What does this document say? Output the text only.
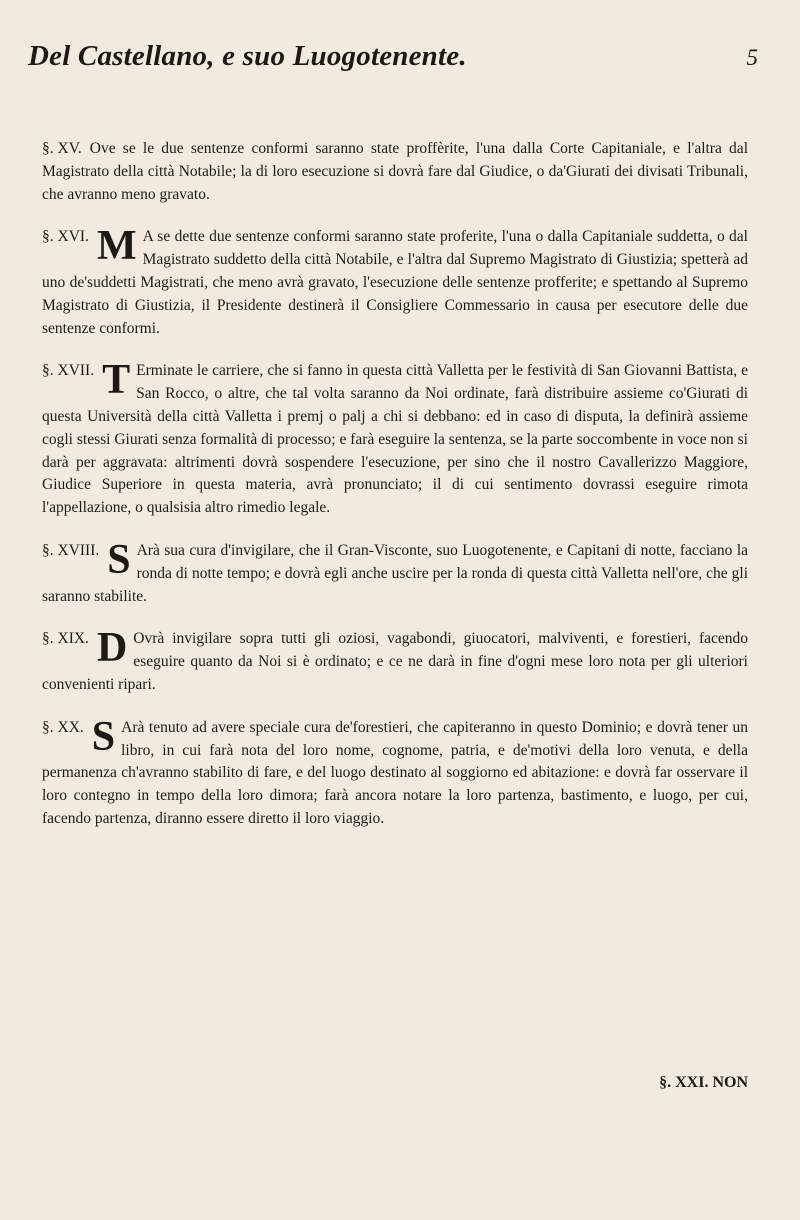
Del Castellano, e suo Luogotenente.	5

§. XV. Ove se le due sentenze conformi saranno state proffèrite, l'una dalla Corte Capitaniale, e l'altra dal Magistrato della città Notabile; la di loro esecuzione si dovrà fare dal Giudice, o da'Giurati dei divisati Tribunali, che avranno meno gravato.

§. XVI. M A se dette due sentenze conformi saranno state proferite, l'una o dalla Capitaniale suddetta, o dal Magistrato suddetto della città Notabile, e l'altra dal Supremo Magistrato di Giustizia; spetterà ad uno de'suddetti Magistrati, che meno avrà gravato, l'esecuzione delle sentenze profferite; e spettando al Supremo Magistrato di Giustizia, il Presidente destinerà il Consigliere Commessario in causa per esecutore delle due sentenze conformi.

§. XVII. T Erminate le carriere, che si fanno in questa città Valletta per le festività di San Giovanni Battista, e San Rocco, o altre, che tal volta saranno da Noi ordinate, farà distribuire assieme co'Giurati di questa Università della città Valletta i premj o palj a chi si debbano: ed in caso di disputa, la definirà assieme cogli stessi Giurati senza formalità di processo; e farà eseguire la sentenza, se la parte soccombente in voce non si darà per aggravata: altrimenti dovrà sospendere l'esecuzione, per sino che il nostro Cavallerizzo Maggiore, Giudice Superiore in questa materia, avrà pronunciato; il di cui sentimento dovrassi eseguire rimota l'appellazione, o qualsisia altro rimedio legale.

§. XVIII. S Arà sua cura d'invigilare, che il Gran-Visconte, suo Luogotenente, e Capitani di notte, facciano la ronda di notte tempo; e dovrà egli anche uscire per la ronda di questa città Valletta nell'ore, che gli saranno stabilite.

§. XIX. D Ovrà invigilare sopra tutti gli oziosi, vagabondi, giuocatori, malviventi, e forestieri, facendo eseguire quanto da Noi si è ordinato; e ce ne darà in fine d'ogni mese loro nota per gli ulteriori convenienti ripari.

§. XX. S Arà tenuto ad avere speciale cura de'forestieri, che capiteranno in questo Dominio; e dovrà tener un libro, in cui farà nota del loro nome, cognome, patria, e de'motivi della loro venuta, e della permanenza ch'avranno stabilito di fare, e del luogo destinato al soggiorno ed abitazione: e dovrà far osservare il loro contegno in tempo della loro dimora; farà ancora notare la loro partenza, bastimento, e luogo, per cui, facendo partenza, diranno essere diretto il loro viaggio.

§. XXI. NON
